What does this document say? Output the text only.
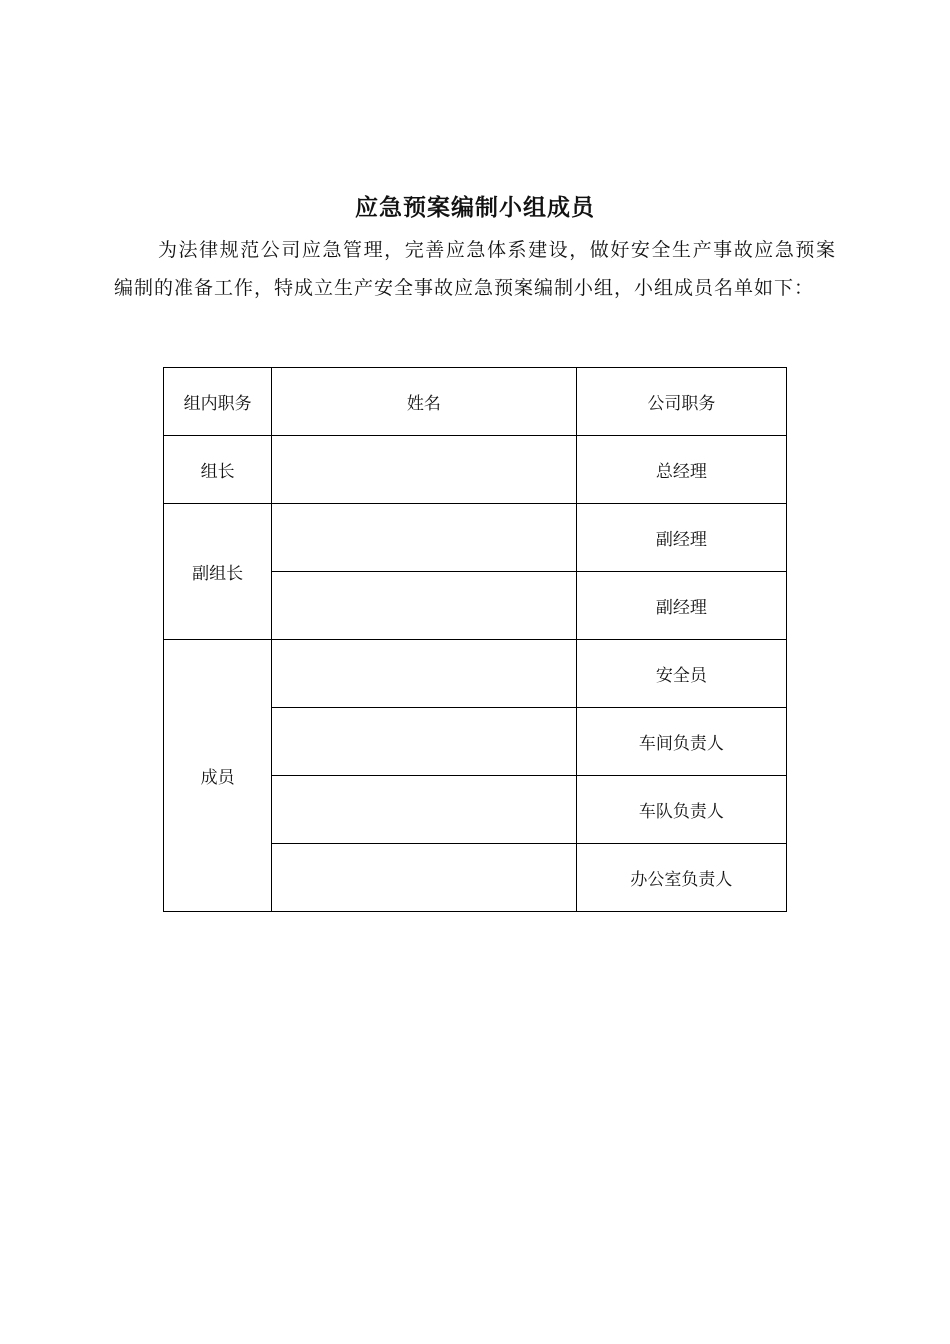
应急预案编制小组成员

为法律规范公司应急管理，完善应急体系建设，做好安全生产事故应急预案编制的准备工作，特成立生产安全事故应急预案编制小组，小组成员名单如下：

组内职务	姓名	公司职务
组长		总经理
副组长		副经理
		副经理
成员		安全员
		车间负责人
		车队负责人
		办公室负责人
